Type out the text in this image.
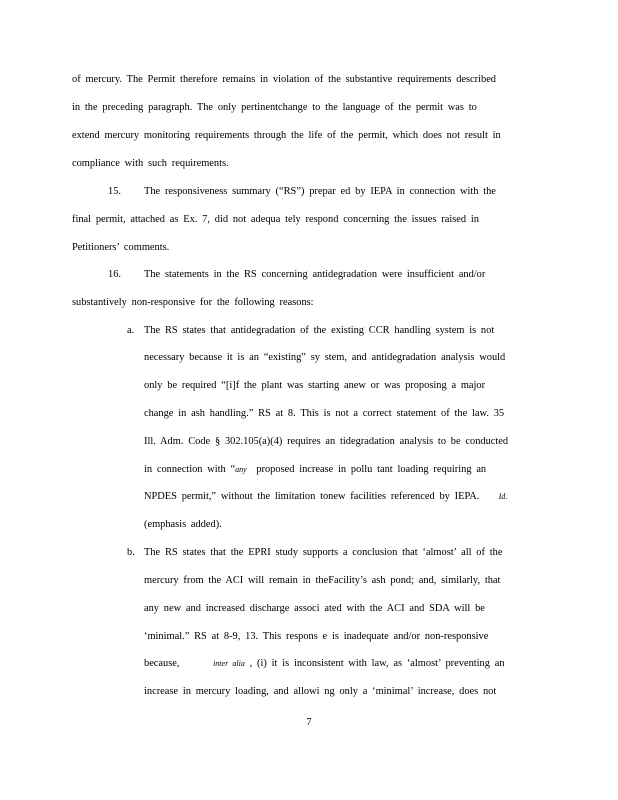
of mercury. The Permit therefore remains in violation of the substantive requirements described
in the preceding paragraph. The only pertinentchange to the language of the permit was to
extend mercury monitoring requirements through the life of the permit, which does not result in
compliance with such requirements.
15. The responsiveness summary (“RS”) prepar ed by IEPA in connection with the
final permit, attached as Ex. 7, did not adequa tely respond concerning the issues raised in
Petitioners’ comments.
16. The statements in the RS concerning antidegradation were insufficient and/or
substantively non-responsive for the following reasons:
a. The RS states that antidegradation of the existing CCR handling system is not
necessary because it is an “existing” sy stem, and antidegradation analysis would
only be required “[i]f the plant was starting anew or was proposing a major
change in ash handling.” RS at 8. This is not a correct statement of the law. 35
Ill. Adm. Code § 302.105(a)(4) requires an tidegradation analysis to be conducted
in connection with “any proposed increase in pollu tant loading requiring an
NPDES permit,” without the limitation tonew facilities referenced by IEPA. Id.
(emphasis added).
b. The RS states that the EPRI study supports a conclusion that ‘almost’ all of the
mercury from the ACI will remain in theFacility’s ash pond; and, similarly, that
any new and increased discharge associ ated with the ACI and SDA will be
‘minimal.” RS at 8-9, 13. This respons e is inadequate and/or non-responsive
because,	inter alia , (i) it is inconsistent with law, as ‘almost’ preventing an
increase in mercury loading, and allowi ng only a ‘minimal’ increase, does not
7
